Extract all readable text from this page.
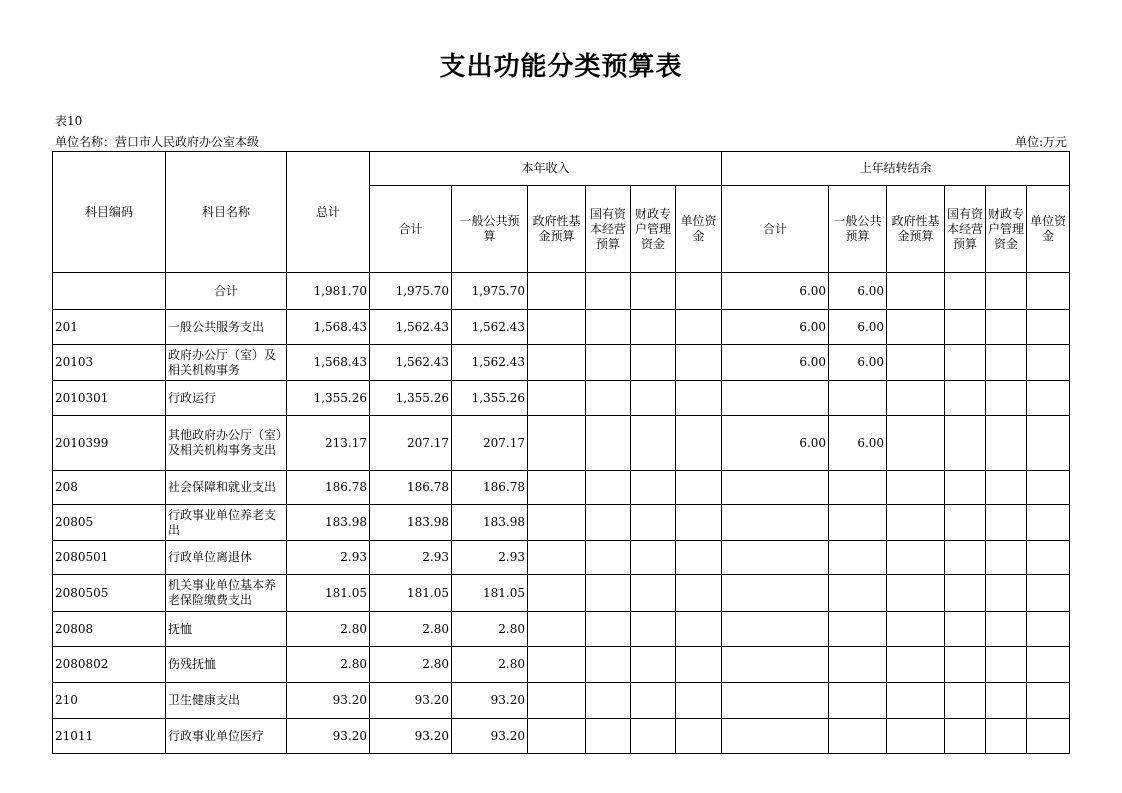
支出功能分类预算表
表10
单位名称：营口市人民政府办公室本级	单位:万元
科目编码	科目名称	总计	本年收入						上年结转结余					
			合计	一般公共预算	政府性基金预算	国有资本经营预算	财政专户管理资金	单位资金	合计	一般公共预算	政府性基金预算	国有资本经营预算	财政专户管理资金	单位资金
	合计	1,981.70	1,975.70	1,975.70					6.00	6.00				
201	一般公共服务支出	1,568.43	1,562.43	1,562.43					6.00	6.00				
20103	政府办公厅（室）及相关机构事务	1,568.43	1,562.43	1,562.43					6.00	6.00				
2010301	行政运行	1,355.26	1,355.26	1,355.26										
2010399	其他政府办公厅（室）及相关机构事务支出	213.17	207.17	207.17					6.00	6.00				
208	社会保障和就业支出	186.78	186.78	186.78										
20805	行政事业单位养老支出	183.98	183.98	183.98										
2080501	行政单位离退休	2.93	2.93	2.93										
2080505	机关事业单位基本养老保险缴费支出	181.05	181.05	181.05										
20808	抚恤	2.80	2.80	2.80										
2080802	伤残抚恤	2.80	2.80	2.80										
210	卫生健康支出	93.20	93.20	93.20										
21011	行政事业单位医疗	93.20	93.20	93.20										
